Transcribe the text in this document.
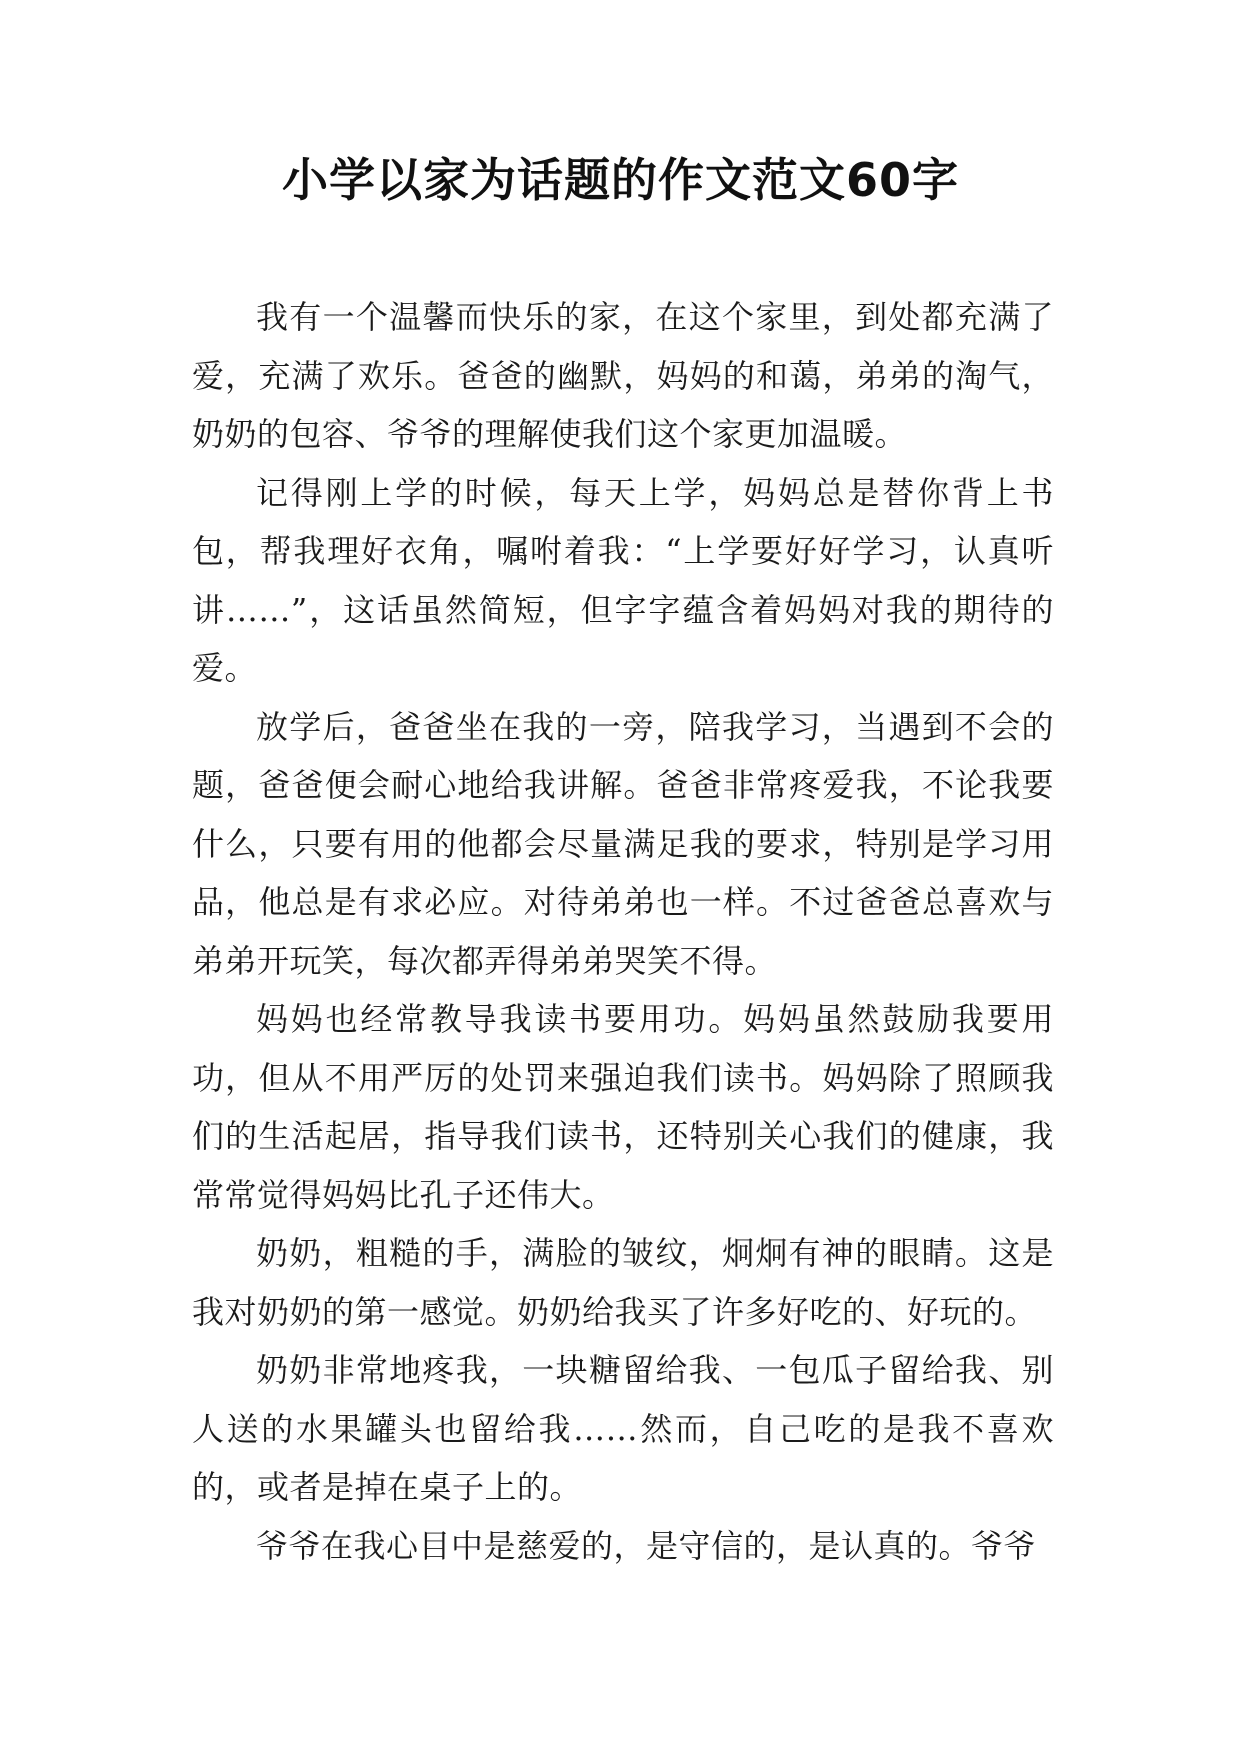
小学以家为话题的作文范文60字

我有一个温馨而快乐的家，在这个家里，到处都充满了爱，充满了欢乐。爸爸的幽默，妈妈的和蔼，弟弟的淘气，奶奶的包容、爷爷的理解使我们这个家更加温暖。

记得刚上学的时候，每天上学，妈妈总是替你背上书包，帮我理好衣角，嘱咐着我：“上学要好好学习，认真听讲……”，这话虽然简短，但字字蕴含着妈妈对我的期待的爱。

放学后，爸爸坐在我的一旁，陪我学习，当遇到不会的题，爸爸便会耐心地给我讲解。爸爸非常疼爱我，不论我要什么，只要有用的他都会尽量满足我的要求，特别是学习用品，他总是有求必应。对待弟弟也一样。不过爸爸总喜欢与弟弟开玩笑，每次都弄得弟弟哭笑不得。

妈妈也经常教导我读书要用功。妈妈虽然鼓励我要用功，但从不用严厉的处罚来强迫我们读书。妈妈除了照顾我们的生活起居，指导我们读书，还特别关心我们的健康，我常常觉得妈妈比孔子还伟大。

奶奶，粗糙的手，满脸的皱纹，炯炯有神的眼睛。这是我对奶奶的第一感觉。奶奶给我买了许多好吃的、好玩的。

奶奶非常地疼我，一块糖留给我、一包瓜子留给我、别人送的水果罐头也留给我……然而，自己吃的是我不喜欢的，或者是掉在桌子上的。

爷爷在我心目中是慈爱的，是守信的，是认真的。爷爷
